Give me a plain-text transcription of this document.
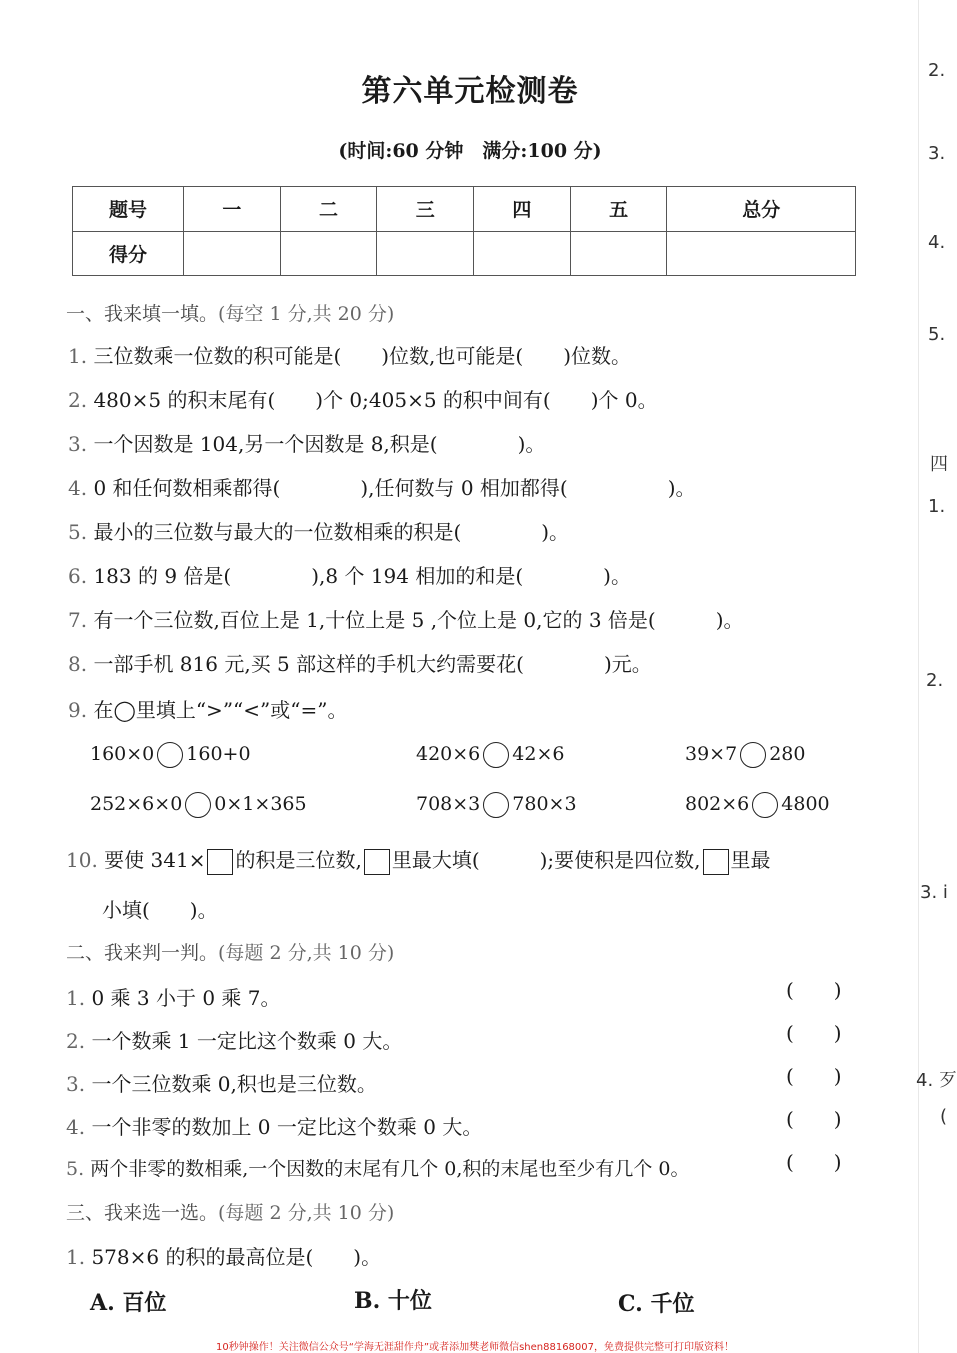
第六单元检测卷
(时间:60 分钟　满分:100 分)
题号	一	二	三	四	五	总分
得分						
一、我来填一填。(每空 1 分,共 20 分)
1. 三位数乘一位数的积可能是(　　)位数,也可能是(　　)位数。
2. 480×5 的积末尾有(　　)个 0;405×5 的积中间有(　　)个 0。
3. 一个因数是 104,另一个因数是 8,积是(　　　　)。
4. 0 和任何数相乘都得(　　　　),任何数与 0 相加都得(　　　　　)。
5. 最小的三位数与最大的一位数相乘的积是(　　　　)。
6. 183 的 9 倍是(　　　　),8 个 194 相加的和是(　　　　)。
7. 有一个三位数,百位上是 1,十位上是 5 ,个位上是 0,它的 3 倍是(　　　)。
8. 一部手机 816 元,买 5 部这样的手机大约需要花(　　　　)元。
9. 在◯里填上“>”“<”或“=”。
160×0 160+0	420×6 42×6	39×7 280
252×6×0 0×1×365	708×3 780×3	802×6 4800
10. 要使 341× 的积是三位数, 里最大填(　　　);要使积是四位数, 里最
小填(　　)。
二、我来判一判。(每题 2 分,共 10 分)
1. 0 乘 3 小于 0 乘 7。	(　　)
2. 一个数乘 1 一定比这个数乘 0 大。	(　　)
3. 一个三位数乘 0,积也是三位数。	(　　)
4. 一个非零的数加上 0 一定比这个数乘 0 大。	(　　)
5. 两个非零的数相乘,一个因数的末尾有几个 0,积的末尾也至少有几个 0。	(　　)
三、我来选一选。(每题 2 分,共 10 分)
1. 578×6 的积的最高位是(　　)。
A. 百位	B. 十位	C. 千位
2.
3.
4.
5.
四
1.
2.
3. i
4. 歹
(
10秒钟操作！关注微信公众号“学海无涯甜作舟”或者添加樊老师微信shen88168007，免费提供完整可打印版资料！
